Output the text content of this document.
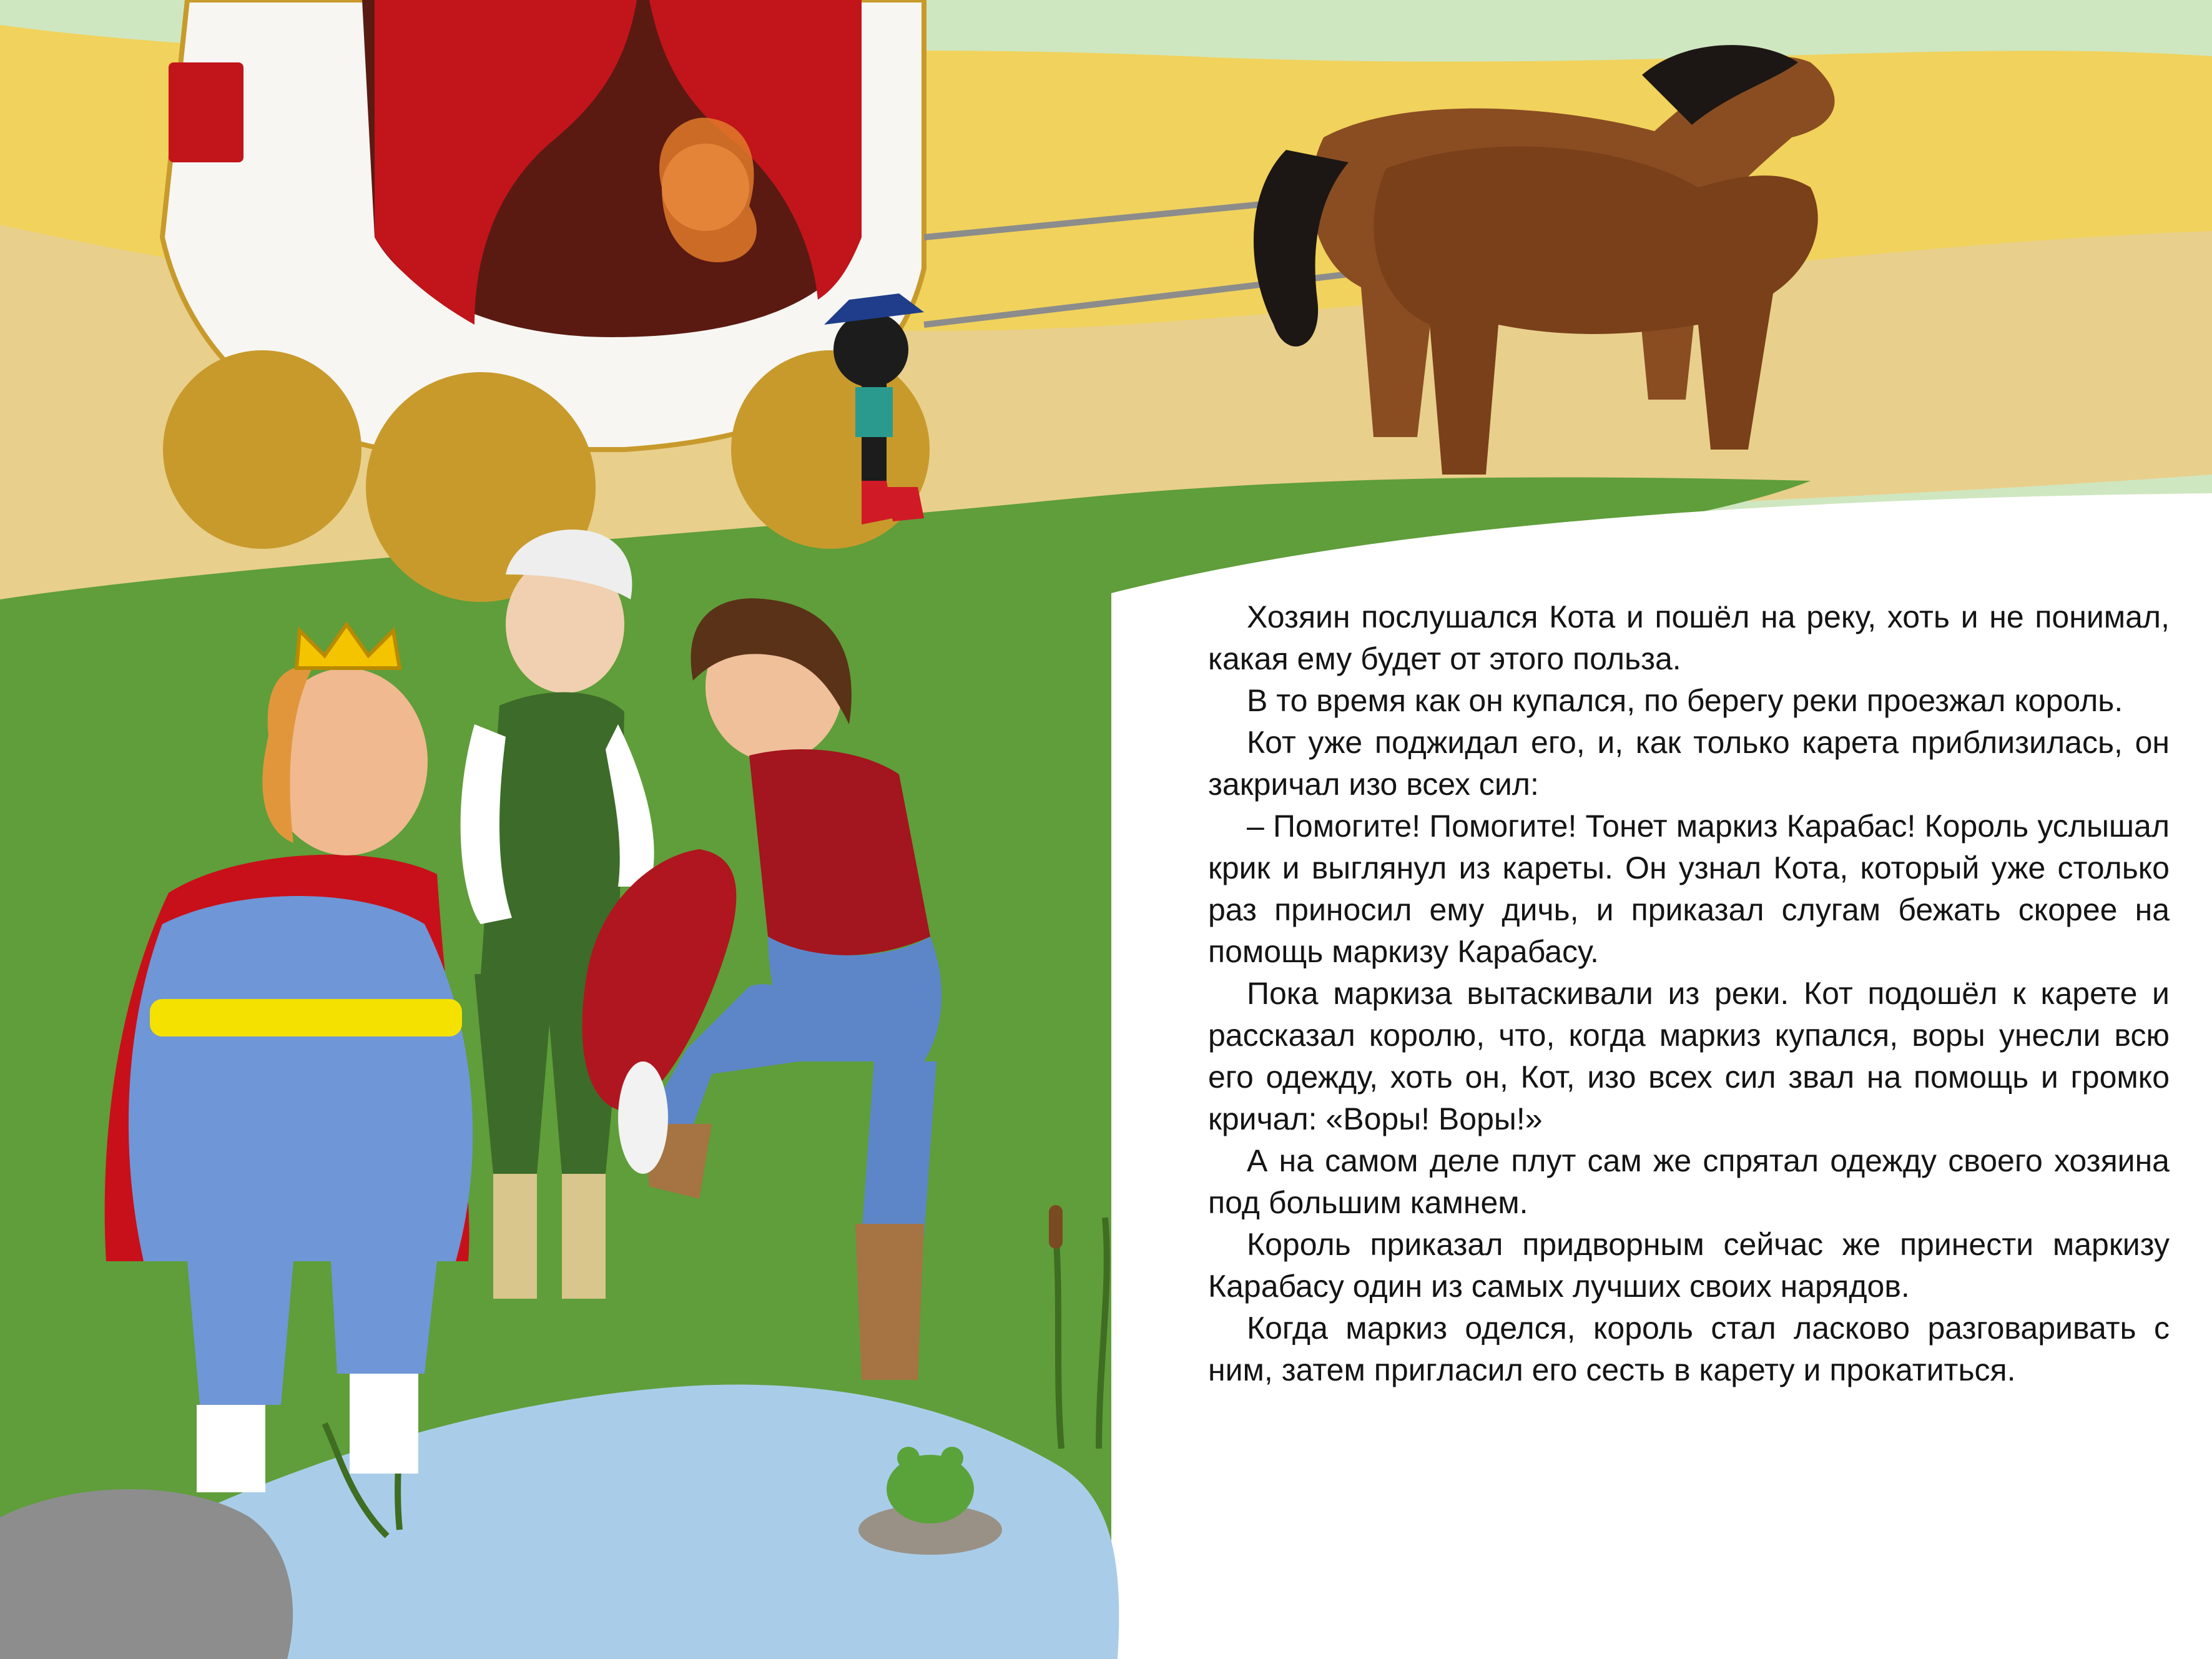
Хозяин послушался Кота и пошёл на реку, хоть и не понимал, какая ему будет от этого польза.

В то время как он купался, по берегу реки проезжал король.

Кот уже поджидал его, и, как только карета приблизилась, он закричал изо всех сил:

– Помогите! Помогите! Тонет маркиз Карабас! Король услышал крик и выглянул из кареты. Он узнал Кота, который уже столько раз приносил ему дичь, и приказал слугам бежать скорее на помощь маркизу Карабасу.

Пока маркиза вытаскивали из реки. Кот подошёл к карете и рассказал королю, что, когда маркиз купался, воры унесли всю его одежду, хоть он, Кот, изо всех сил звал на помощь и громко кричал: «Воры! Воры!»

А на самом деле плут сам же спрятал одежду своего хозяина под большим камнем.

Король приказал придворным сейчас же принести маркизу Карабасу один из самых лучших своих нарядов.

Когда маркиз оделся, король стал ласково разговаривать с ним, затем пригласил его сесть в карету и прокатиться.
